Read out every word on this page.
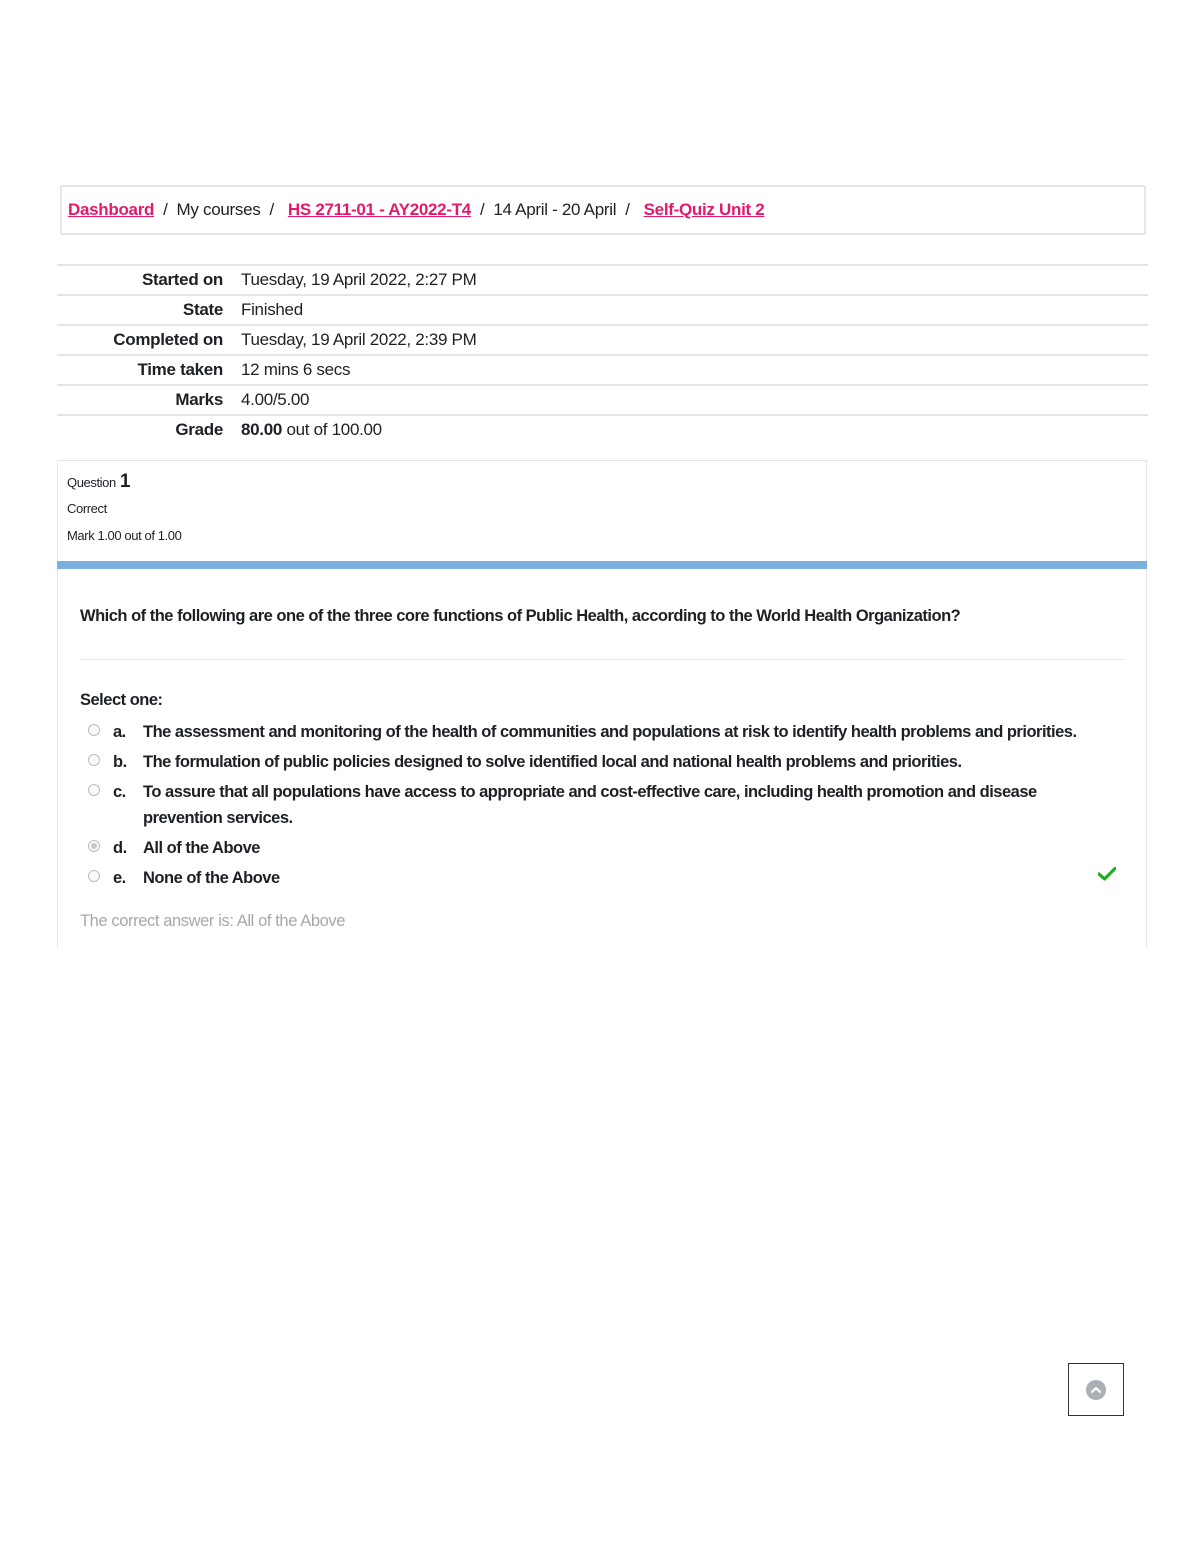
Dashboard / My courses / HS 2711-01 - AY2022-T4 / 14 April - 20 April / Self-Quiz Unit 2
Started on	Tuesday, 19 April 2022, 2:27 PM
State	Finished
Completed on	Tuesday, 19 April 2022, 2:39 PM
Time taken	12 mins 6 secs
Marks	4.00/5.00
Grade	80.00 out of 100.00
Question 1
Correct
Mark 1.00 out of 1.00
Which of the following are one of the three core functions of Public Health, according to the World Health Organization?
Select one:
a.	The assessment and monitoring of the health of communities and populations at risk to identify health problems and priorities.
b. The formulation of public policies designed to solve identified local and national health problems and priorities.
c.	To assure that all populations have access to appropriate and cost-effective care, including health promotion and disease prevention services.
d. All of the Above
e.	None of the Above
The correct answer is: All of the Above
